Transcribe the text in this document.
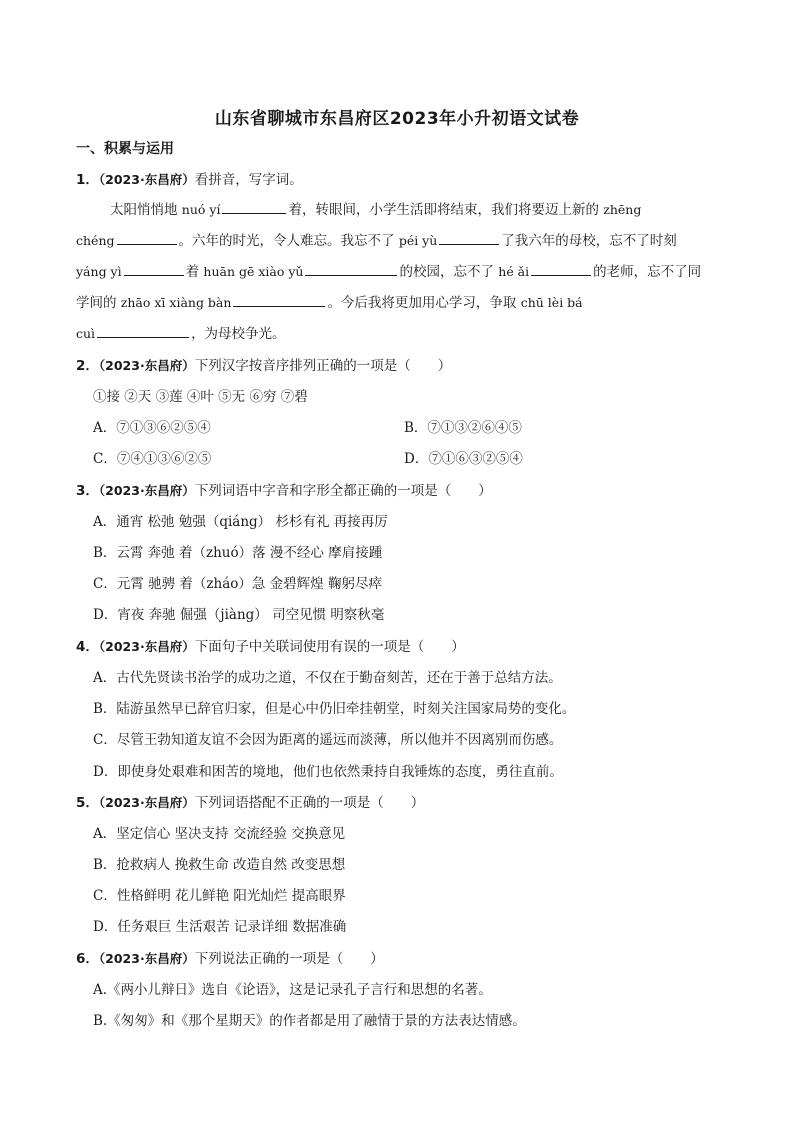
山东省聊城市东昌府区2023年小升初语文试卷
一、积累与运用
1．（2023·东昌府）看拼音，写字词。
太阳悄悄地 nuó yí	着，转眼间，小学生活即将结束，我们将要迈上新的 zhēng
chéng	。六年的时光，令人难忘。我忘不了 péi yù	了我六年的母校，忘不了时刻
yáng yì	着 huān gē xiào yǔ	的校园，忘不了 hé ǎi	的老师，忘不了同
学间的 zhāo xī xiàng bàn	。今后我将更加用心学习，争取 chū lèi bá
cuì	，为母校争光。
2．（2023·东昌府）下列汉字按音序排列正确的一项是（　　）
①接 ②天 ③莲 ④叶 ⑤无 ⑥穷 ⑦碧
A．⑦①③⑥②⑤④	B．⑦①③②⑥④⑤
C．⑦④①③⑥②⑤	D．⑦①⑥③②⑤④
3．（2023·东昌府）下列词语中字音和字形全都正确的一项是（　　）
A．通宵 松弛 勉强（qiáng） 杉杉有礼 再接再厉
B．云霄 奔弛 着（zhuó）落 漫不经心 摩肩接踵
C．元霄 驰骋 着（zháo）急 金碧辉煌 鞠躬尽瘁
D．宵夜 奔驰 倔强（jiàng） 司空见惯 明察秋毫
4．（2023·东昌府）下面句子中关联词使用有误的一项是（　　）
A．古代先贤读书治学的成功之道，不仅在于勤奋刻苦，还在于善于总结方法。
B．陆游虽然早已辞官归家，但是心中仍旧牵挂朝堂，时刻关注国家局势的变化。
C．尽管王勃知道友谊不会因为距离的遥远而淡薄，所以他并不因离别而伤感。
D．即使身处艰难和困苦的境地，他们也依然秉持自我锤炼的态度，勇往直前。
5．（2023·东昌府）下列词语搭配不正确的一项是（　　）
A．坚定信心 坚决支持 交流经验 交换意见
B．抢救病人 挽救生命 改造自然 改变思想
C．性格鲜明 花儿鲜艳 阳光灿烂 提高眼界
D．任务艰巨 生活艰苦 记录详细 数据准确
6．（2023·东昌府）下列说法正确的一项是（　　）
A.《两小儿辩日》选自《论语》，这是记录孔子言行和思想的名著。
B.《匆匆》和《那个星期天》的作者都是用了融情于景的方法表达情感。
